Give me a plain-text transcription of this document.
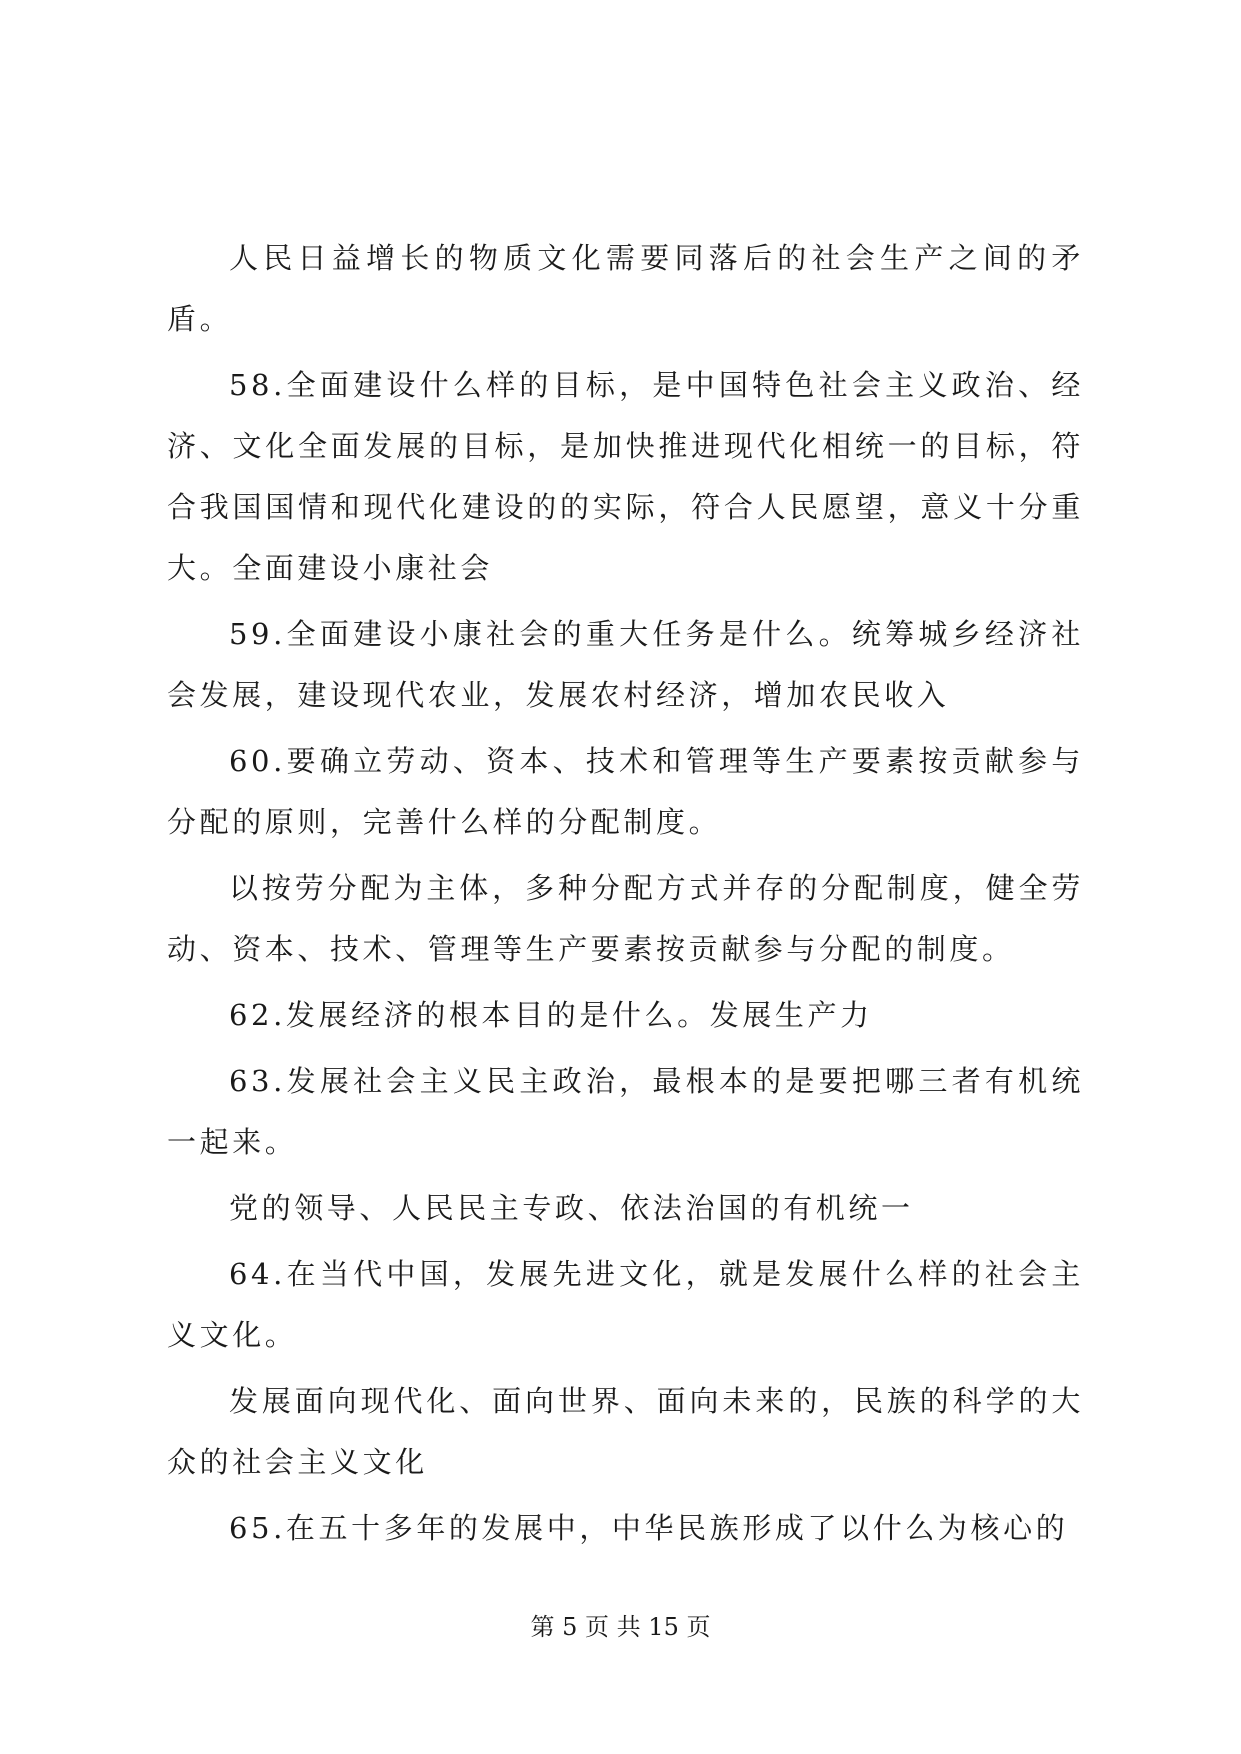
人民日益增长的物质文化需要同落后的社会生产之间的矛盾。

58.全面建设什么样的目标，是中国特色社会主义政治、经济、文化全面发展的目标，是加快推进现代化相统一的目标，符合我国国情和现代化建设的的实际，符合人民愿望，意义十分重大。全面建设小康社会

59.全面建设小康社会的重大任务是什么。统筹城乡经济社会发展，建设现代农业，发展农村经济，增加农民收入

60.要确立劳动、资本、技术和管理等生产要素按贡献参与分配的原则，完善什么样的分配制度。

以按劳分配为主体，多种分配方式并存的分配制度，健全劳动、资本、技术、管理等生产要素按贡献参与分配的制度。

62.发展经济的根本目的是什么。发展生产力

63.发展社会主义民主政治，最根本的是要把哪三者有机统一起来。

党的领导、人民民主专政、依法治国的有机统一

64.在当代中国，发展先进文化，就是发展什么样的社会主义文化。

发展面向现代化、面向世界、面向未来的，民族的科学的大众的社会主义文化

65.在五十多年的发展中，中华民族形成了以什么为核心的

第 5 页 共 15 页
